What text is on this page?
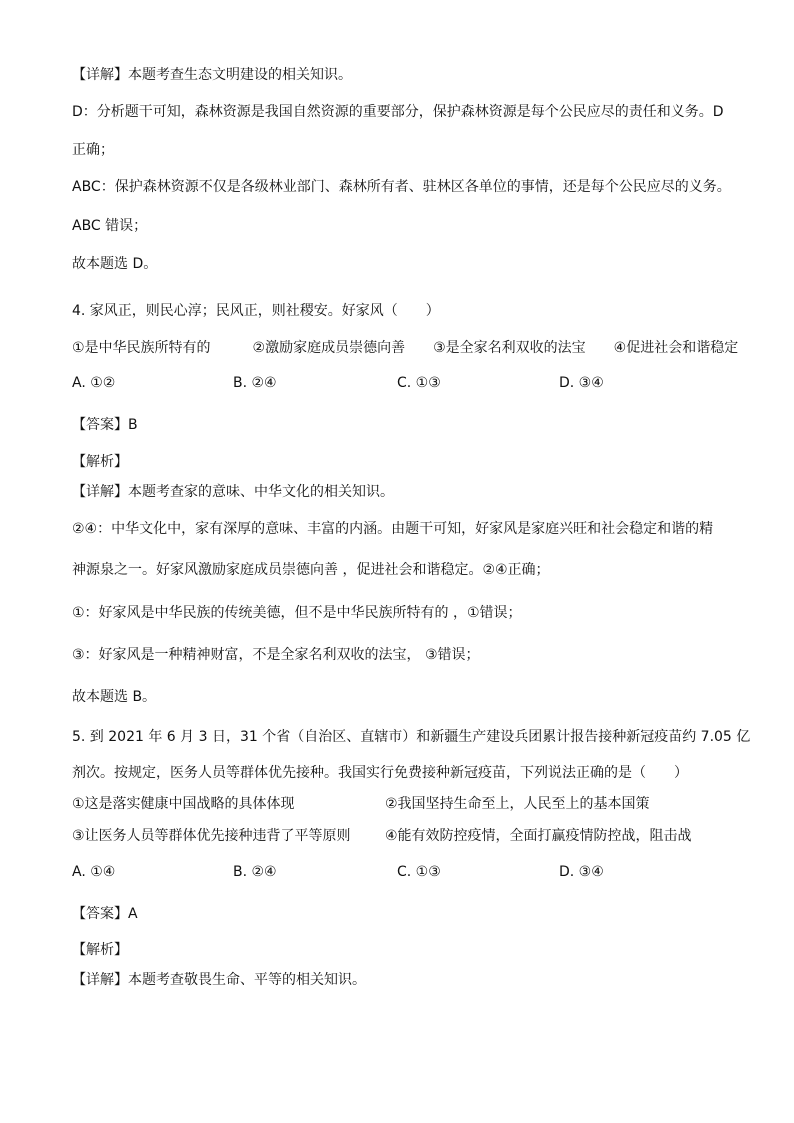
【详解】本题考查生态文明建设的相关知识。
D：分析题干可知，森林资源是我国自然资源的重要部分，保护森林资源是每个公民应尽的责任和义务。D
正确；
ABC：保护森林资源不仅是各级林业部门、森林所有者、驻林区各单位的事情，还是每个公民应尽的义务。
ABC 错误；
故本题选 D。
4. 家风正，则民心淳；民风正，则社稷安。好家风（　　）
①是中华民族所特有的　　　②激励家庭成员崇德向善　　③是全家名利双收的法宝　　④促进社会和谐稳定
A. ①②	B. ②④	C. ①③	D. ③④
【答案】B
【解析】
【详解】本题考查家的意味、中华文化的相关知识。
②④：中华文化中，家有深厚的意味、丰富的内涵。由题干可知，好家风是家庭兴旺和社会稳定和谐的精
神源泉之一。好家风激励家庭成员崇德向善 ，促进社会和谐稳定。②④正确；
①：好家风是中华民族的传统美德，但不是中华民族所特有的 ，①错误；
③：好家风是一种精神财富，不是全家名利双收的法宝， ③错误；
故本题选 B。
5. 到 2021 年 6 月 3 日，31 个省（自治区、直辖市）和新疆生产建设兵团累计报告接种新冠疫苗约 7.05 亿
剂次。按规定，医务人员等群体优先接种。我国实行免费接种新冠疫苗，下列说法正确的是（　　）
①这是落实健康中国战略的具体体现	②我国坚持生命至上，人民至上的基本国策
③让医务人员等群体优先接种违背了平等原则 ④能有效防控疫情，全面打赢疫情防控战，阻击战
A. ①④	B. ②④	C. ①③	D. ③④
【答案】A
【解析】
【详解】本题考查敬畏生命、平等的相关知识。
